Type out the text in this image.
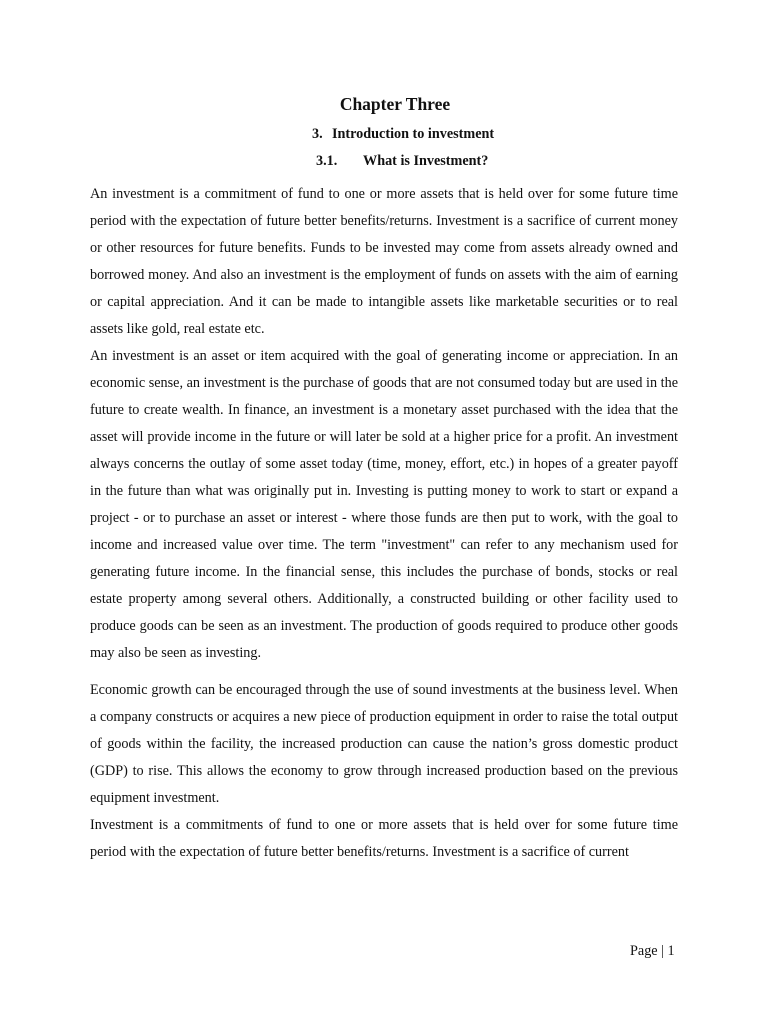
Chapter Three
3. Introduction to investment
3.1. What is Investment?

An investment is a commitment of fund to one or more assets that is held over for some future time period with the expectation of future better benefits/returns. Investment is a sacrifice of current money or other resources for future benefits. Funds to be invested may come from assets already owned and borrowed money. And also an investment is the employment of funds on assets with the aim of earning or capital appreciation. And it can be made to intangible assets like marketable securities or to real assets like gold, real estate etc.

An investment is an asset or item acquired with the goal of generating income or appreciation. In an economic sense, an investment is the purchase of goods that are not consumed today but are used in the future to create wealth. In finance, an investment is a monetary asset purchased with the idea that the asset will provide income in the future or will later be sold at a higher price for a profit. An investment always concerns the outlay of some asset today (time, money, effort, etc.) in hopes of a greater payoff in the future than what was originally put in. Investing is putting money to work to start or expand a project - or to purchase an asset or interest - where those funds are then put to work, with the goal to income and increased value over time. The term "investment" can refer to any mechanism used for generating future income. In the financial sense, this includes the purchase of bonds, stocks or real estate property among several others. Additionally, a constructed building or other facility used to produce goods can be seen as an investment. The production of goods required to produce other goods may also be seen as investing.

Economic growth can be encouraged through the use of sound investments at the business level. When a company constructs or acquires a new piece of production equipment in order to raise the total output of goods within the facility, the increased production can cause the nation’s gross domestic product (GDP) to rise. This allows the economy to grow through increased production based on the previous equipment investment.

Investment is a commitments of fund to one or more assets that is held over for some future time period with the expectation of future better benefits/returns. Investment is a sacrifice of current

Page | 1
